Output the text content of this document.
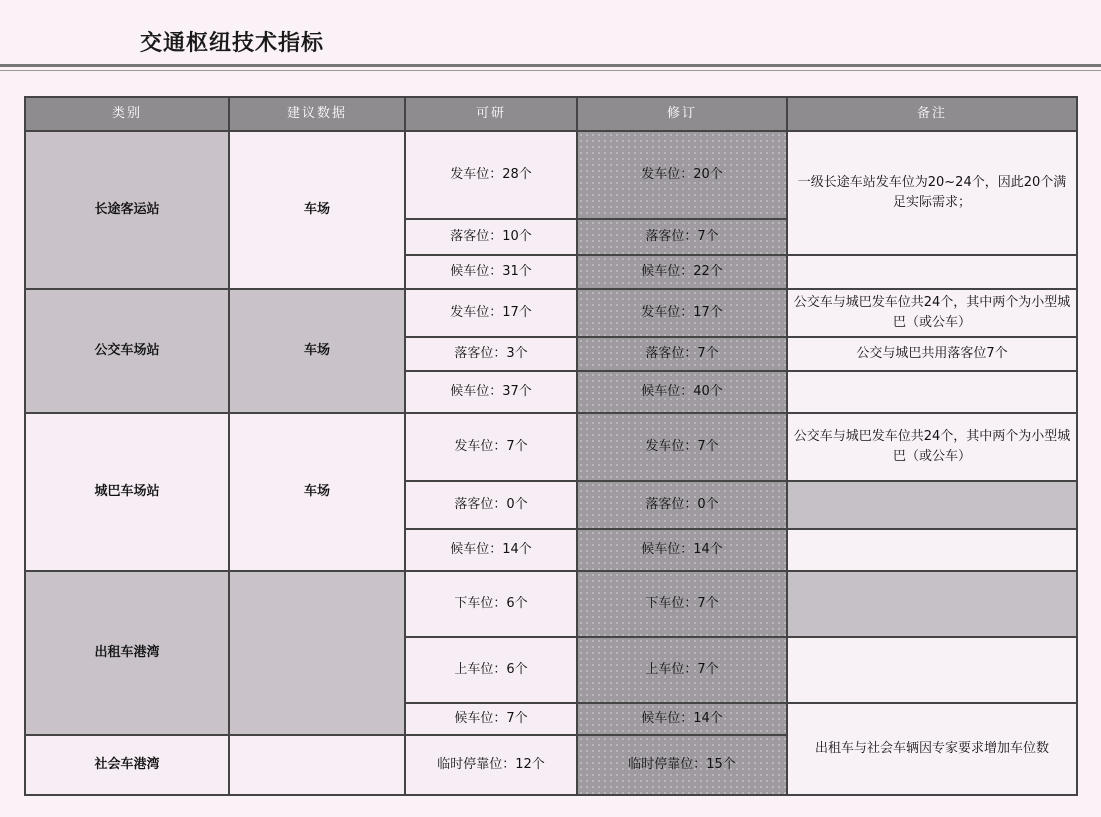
交通枢纽技术指标
类别	建议数据	可研	修订	备注
长途客运站	车场	发车位：28个	发车位：20个	一级长途车站发车位为20~24个，因此20个满足实际需求；
		落客位：10个	落客位：7个	
		候车位：31个	候车位：22个	
公交车场站	车场	发车位：17个	发车位：17个	公交车与城巴发车位共24个，其中两个为小型城巴（或公车）
		落客位：3个	落客位：7个	公交与城巴共用落客位7个
		候车位：37个	候车位：40个	
城巴车场站	车场	发车位：7个	发车位：7个	公交车与城巴发车位共24个，其中两个为小型城巴（或公车）
		落客位：0个	落客位：0个	
		候车位：14个	候车位：14个	
出租车港湾		下车位：6个	下车位：7个	
		上车位：6个	上车位：7个	
		候车位：7个	候车位：14个	出租车与社会车辆因专家要求增加车位数
社会车港湾		临时停靠位：12个	临时停靠位：15个	
